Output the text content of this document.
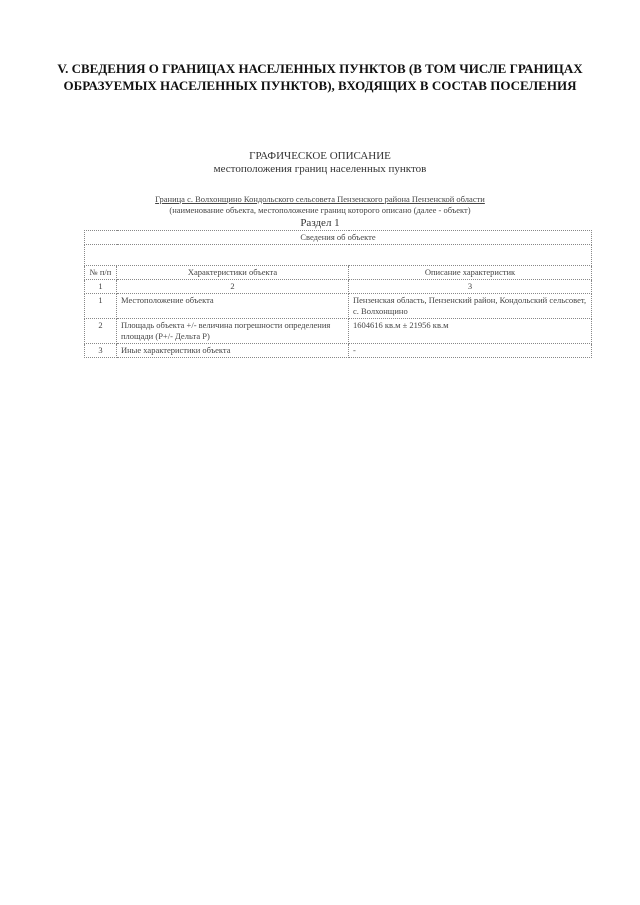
V. СВЕДЕНИЯ О ГРАНИЦАХ НАСЕЛЕННЫХ ПУНКТОВ (В ТОМ ЧИСЛЕ ГРАНИЦАХ
ОБРАЗУЕМЫХ НАСЕЛЕННЫХ ПУНКТОВ), ВХОДЯЩИХ В СОСТАВ ПОСЕЛЕНИЯ
ГРАФИЧЕСКОЕ ОПИСАНИЕ
местоположения границ населенных пунктов
Граница с. Волхонщино Кондольского сельсовета Пензенского района Пензенской области
(наименование объекта, местоположение границ которого описано (далее - объект)
Раздел 1
Сведения об объекте		

№ п/п	Характеристики объекта	Описание характеристик
1	2	3
1	Местоположение объекта	Пензенская область, Пензенский район, Кондольский сельсовет, с. Волхонщино
2	Площадь объекта +/- величина погрешности определения площади (P+/- Дельта P)	1604616 кв.м ± 21956 кв.м
3	Иные характеристики объекта	-
